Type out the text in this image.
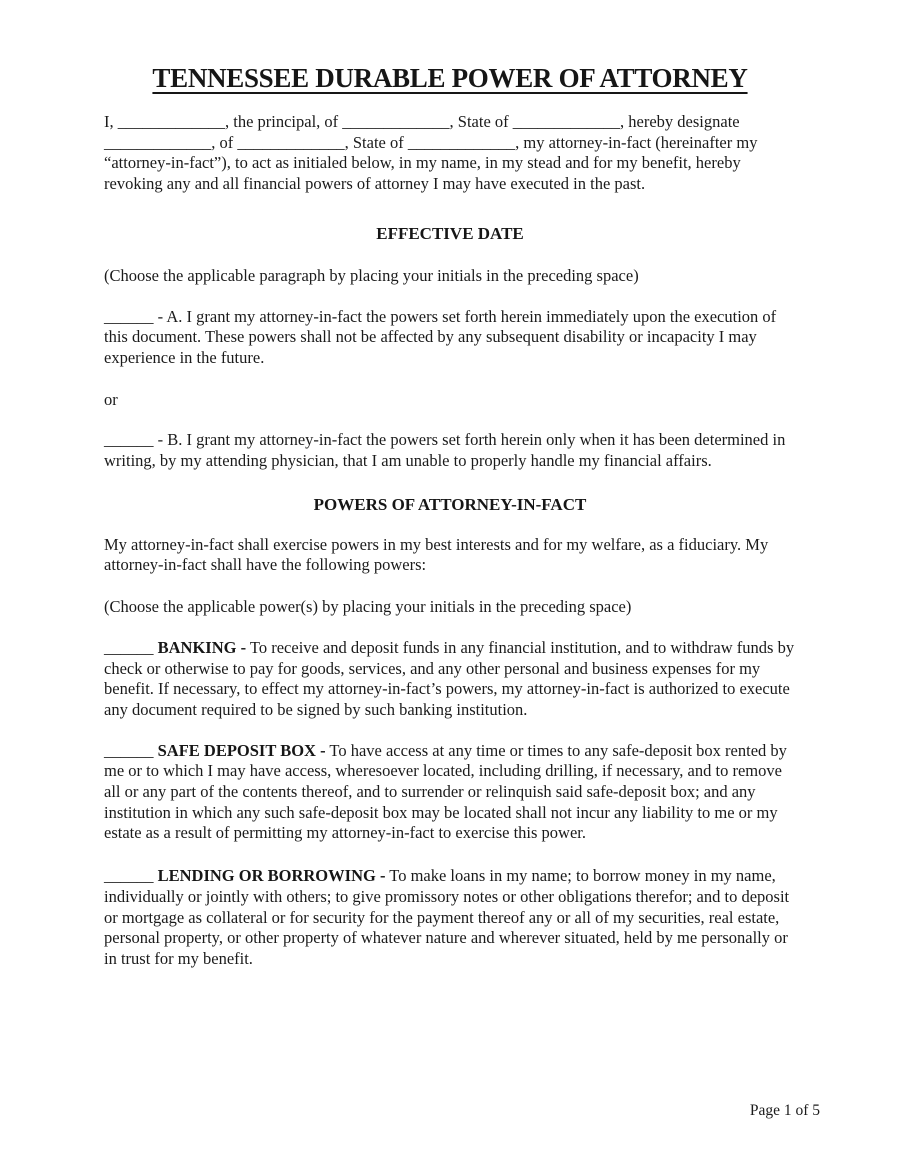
TENNESSEE DURABLE POWER OF ATTORNEY

I, _____________, the principal, of _____________, State of _____________, hereby designate _____________, of _____________, State of _____________, my attorney-in-fact (hereinafter my “attorney-in-fact”), to act as initialed below, in my name, in my stead and for my benefit, hereby revoking any and all financial powers of attorney I may have executed in the past.

EFFECTIVE DATE

(Choose the applicable paragraph by placing your initials in the preceding space)

______ - A. I grant my attorney-in-fact the powers set forth herein immediately upon the execution of this document. These powers shall not be affected by any subsequent disability or incapacity I may experience in the future.

or

______ - B. I grant my attorney-in-fact the powers set forth herein only when it has been determined in writing, by my attending physician, that I am unable to properly handle my financial affairs.

POWERS OF ATTORNEY-IN-FACT

My attorney-in-fact shall exercise powers in my best interests and for my welfare, as a fiduciary. My attorney-in-fact shall have the following powers:

(Choose the applicable power(s) by placing your initials in the preceding space)

______ BANKING - To receive and deposit funds in any financial institution, and to withdraw funds by check or otherwise to pay for goods, services, and any other personal and business expenses for my benefit. If necessary, to effect my attorney-in-fact’s powers, my attorney-in-fact is authorized to execute any document required to be signed by such banking institution.

______ SAFE DEPOSIT BOX - To have access at any time or times to any safe-deposit box rented by me or to which I may have access, wheresoever located, including drilling, if necessary, and to remove all or any part of the contents thereof, and to surrender or relinquish said safe-deposit box; and any institution in which any such safe-deposit box may be located shall not incur any liability to me or my estate as a result of permitting my attorney-in-fact to exercise this power.

______ LENDING OR BORROWING - To make loans in my name; to borrow money in my name, individually or jointly with others; to give promissory notes or other obligations therefor; and to deposit or mortgage as collateral or for security for the payment thereof any or all of my securities, real estate, personal property, or other property of whatever nature and wherever situated, held by me personally or in trust for my benefit.

Page 1 of 5
